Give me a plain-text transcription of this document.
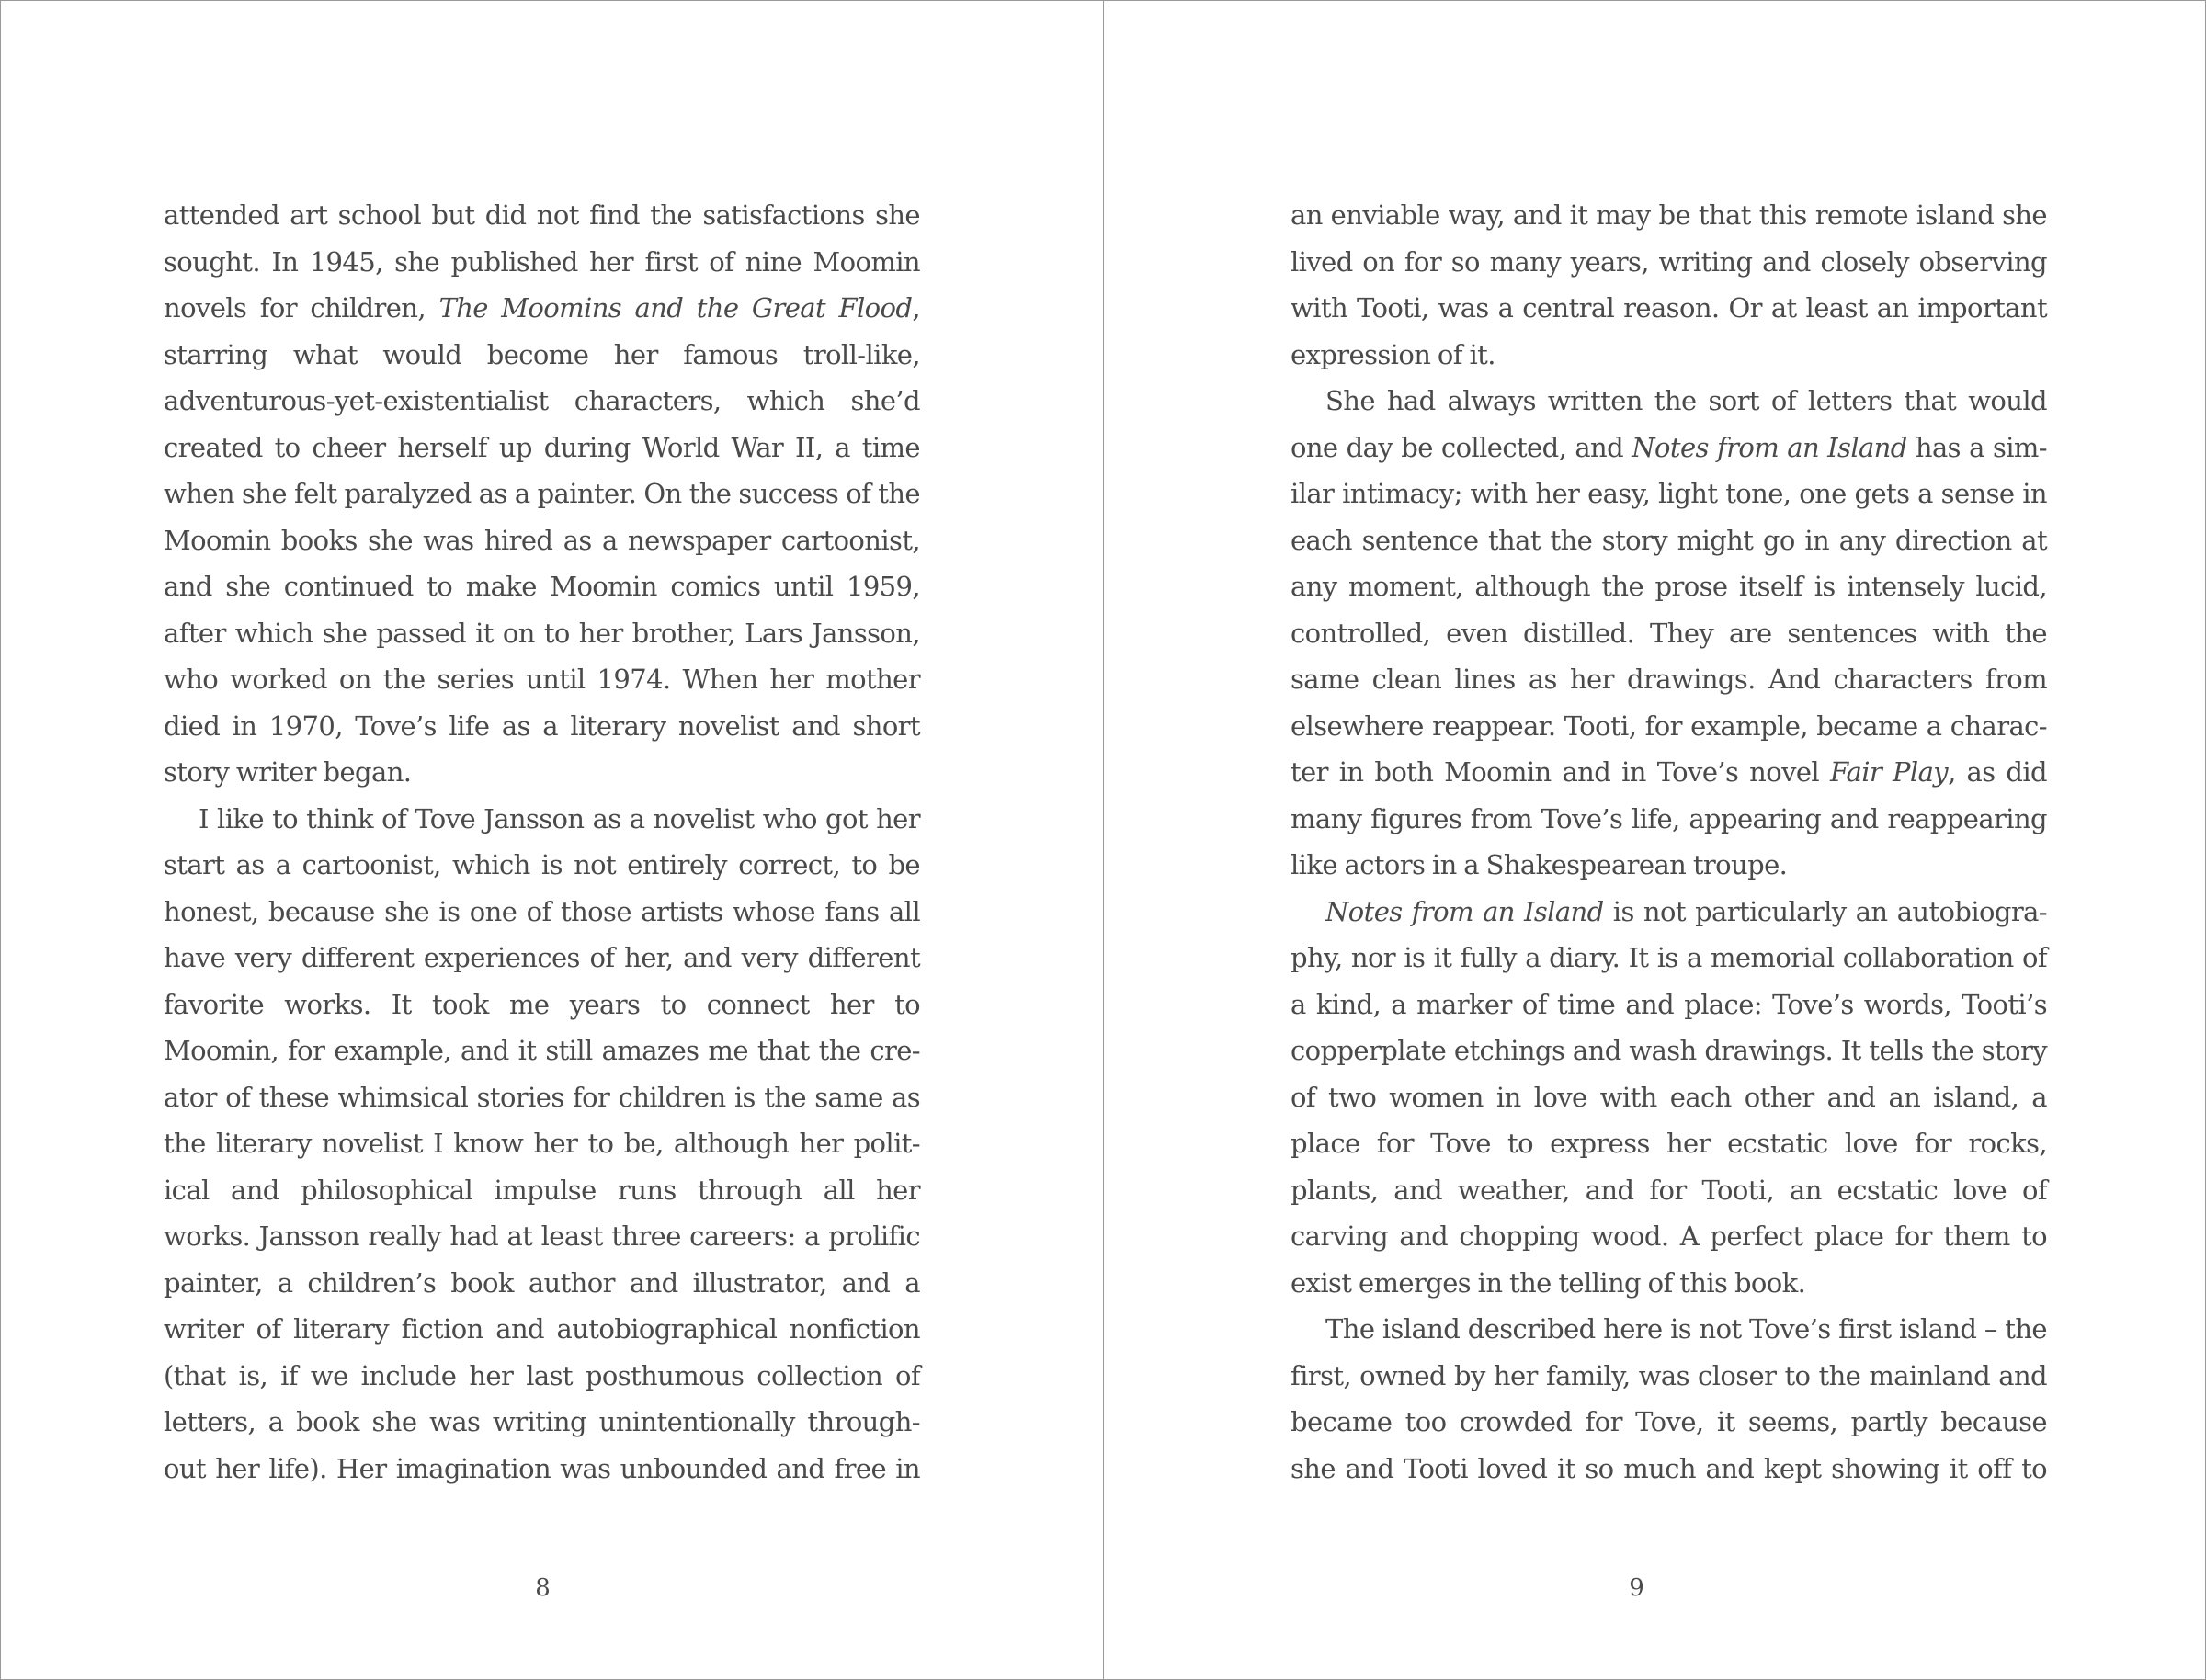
attended art school but did not find the satisfactions she
sought. In 1945, she published her first of nine Moomin
novels for children, The Moomins and the Great Flood,
starring what would become her famous troll-like,
adventurous-yet-existentialist characters, which she’d
created to cheer herself up during World War II, a time
when she felt paralyzed as a painter. On the success of the
Moomin books she was hired as a newspaper cartoonist,
and she continued to make Moomin comics until 1959,
after which she passed it on to her brother, Lars Jansson,
who worked on the series until 1974. When her mother
died in 1970, Tove’s life as a literary novelist and short
story writer began.
I like to think of Tove Jansson as a novelist who got her
start as a cartoonist, which is not entirely correct, to be
honest, because she is one of those artists whose fans all
have very different experiences of her, and very different
favorite works. It took me years to connect her to
Moomin, for example, and it still amazes me that the cre-
ator of these whimsical stories for children is the same as
the literary novelist I know her to be, although her polit-
ical and philosophical impulse runs through all her
works. Jansson really had at least three careers: a prolific
painter, a children’s book author and illustrator, and a
writer of literary fiction and autobiographical nonfiction
(that is, if we include her last posthumous collection of
letters, a book she was writing unintentionally through-
out her life). Her imagination was unbounded and free in
8
an enviable way, and it may be that this remote island she
lived on for so many years, writing and closely observing
with Tooti, was a central reason. Or at least an important
expression of it.
She had always written the sort of letters that would
one day be collected, and Notes from an Island has a sim-
ilar intimacy; with her easy, light tone, one gets a sense in
each sentence that the story might go in any direction at
any moment, although the prose itself is intensely lucid,
controlled, even distilled. They are sentences with the
same clean lines as her drawings. And characters from
elsewhere reappear. Tooti, for example, became a charac-
ter in both Moomin and in Tove’s novel Fair Play, as did
many figures from Tove’s life, appearing and reappearing
like actors in a Shakespearean troupe.
Notes from an Island is not particularly an autobiogra-
phy, nor is it fully a diary. It is a memorial collaboration of
a kind, a marker of time and place: Tove’s words, Tooti’s
copperplate etchings and wash drawings. It tells the story
of two women in love with each other and an island, a
place for Tove to express her ecstatic love for rocks,
plants, and weather, and for Tooti, an ecstatic love of
carving and chopping wood. A perfect place for them to
exist emerges in the telling of this book.
The island described here is not Tove’s first island – the
first, owned by her family, was closer to the mainland and
became too crowded for Tove, it seems, partly because
she and Tooti loved it so much and kept showing it off to
9
